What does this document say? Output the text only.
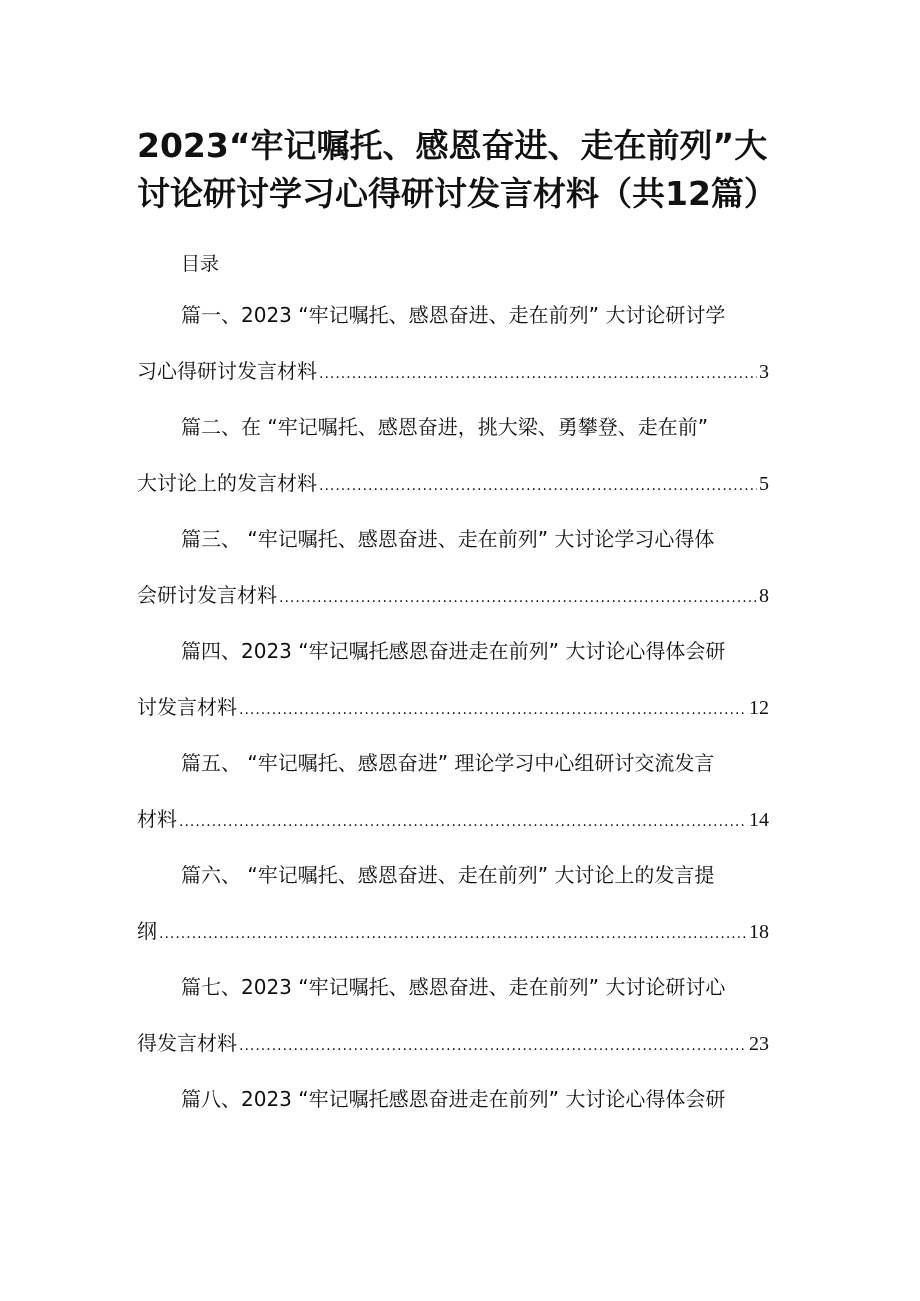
2023“牢记嘱托、感恩奋进、走在前列”大讨论研讨学习心得研讨发言材料（共12篇）

目录

篇一、2023 “牢记嘱托、感恩奋进、走在前列” 大讨论研讨学
习心得研讨发言材料 .....	3
篇二、在 “牢记嘱托、感恩奋进，挑大梁、勇攀登、走在前”
大讨论上的发言材料 .....	5
篇三、 “牢记嘱托、感恩奋进、走在前列” 大讨论学习心得体
会研讨发言材料 .....	8
篇四、2023 “牢记嘱托感恩奋进走在前列” 大讨论心得体会研
讨发言材料 .....	12
篇五、 “牢记嘱托、感恩奋进” 理论学习中心组研讨交流发言
材料 .....	14
篇六、 “牢记嘱托、感恩奋进、走在前列” 大讨论上的发言提
纲 .....	18
篇七、2023 “牢记嘱托、感恩奋进、走在前列” 大讨论研讨心
得发言材料 .....	23
篇八、2023 “牢记嘱托感恩奋进走在前列” 大讨论心得体会研
